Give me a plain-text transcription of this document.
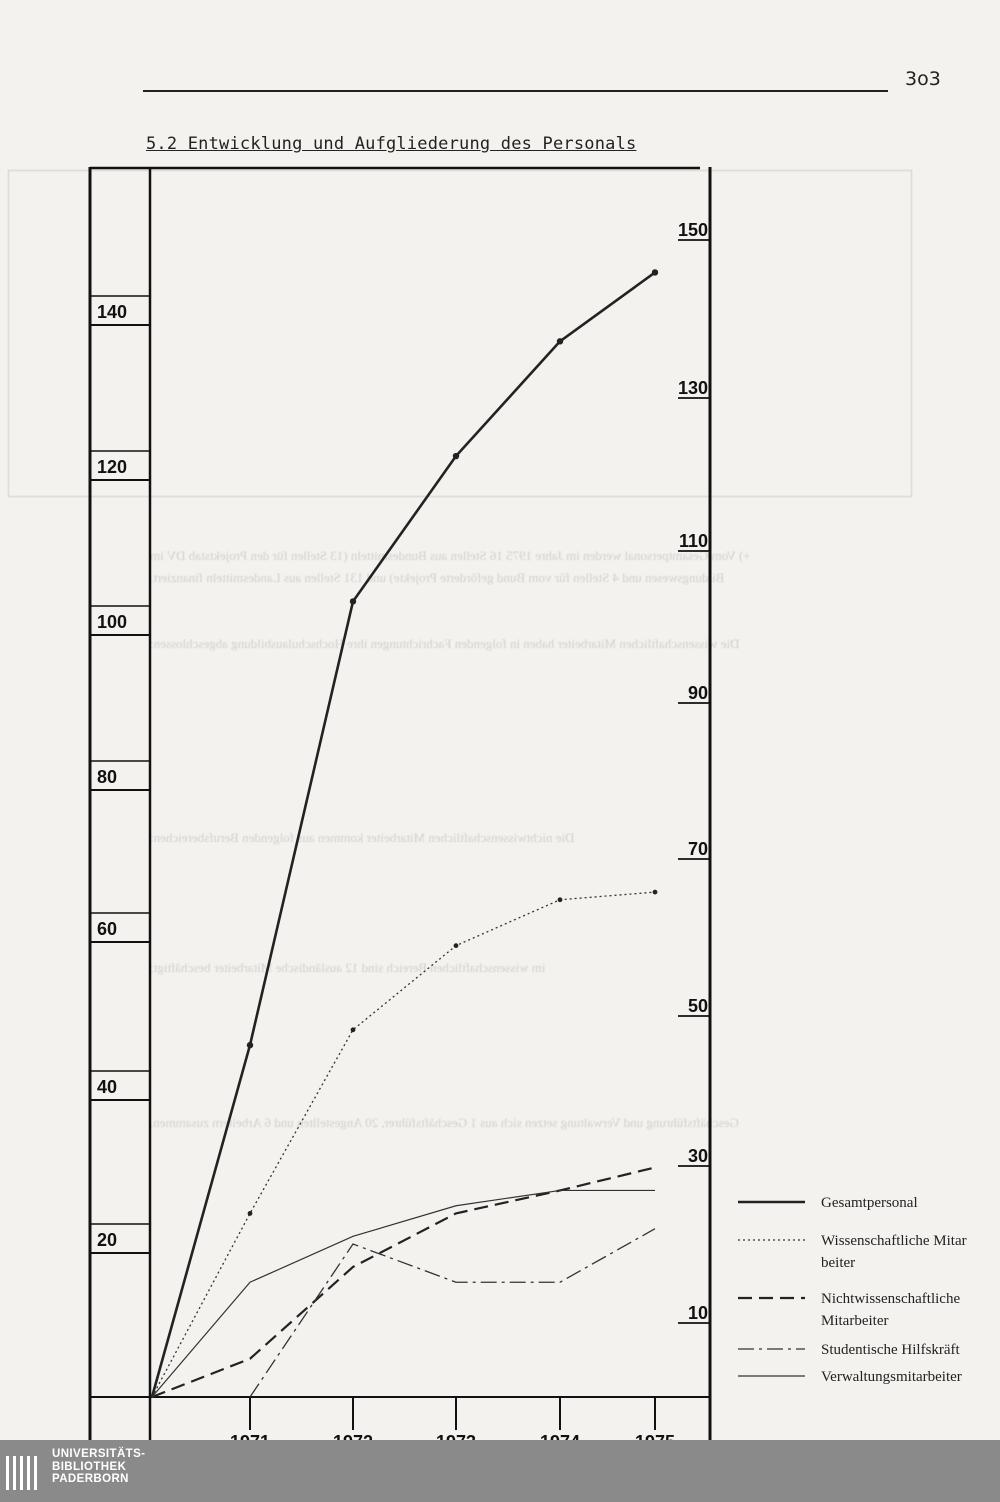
+) Vom Gesamtpersonal werden im Jahre 1975 16 Stellen aus Bundesmitteln (13 Stellen für den Projektstab DV im
Bildungswesen und 4 Stellen für vom Bund geförderte Projekte) und 131 Stellen aus Landesmitteln finanziert.
Die wissenschaftlichen Mitarbeiter haben in folgenden Fachrichtungen ihre Hochschulausbildung abgeschlossen:
Die nichtwissenschaftlichen Mitarbeiter kommen aus folgenden Berufsbereichen:
im wissenschaftlichen Bereich sind 12 ausländische Mitarbeiter beschäftigt:
Geschäftsführung und Verwaltung setzen sich aus 1 Geschäftsführer, 20 Angestellten und 6 Arbeitern zusammen.
3o3
5.2 Entwicklung und Aufgliederung des Personals
140
120
100
80
60
40
20
150
130
110
90
70
50
30
10
Gesamtpersonal
Wissenschaftliche Mitar
beiter
Nichtwissenschaftliche
Mitarbeiter
Studentische Hilfskräft
Verwaltungsmitarbeiter
UNIVERSITÄTS-
BIBLIOTHEK
PADERBORN
